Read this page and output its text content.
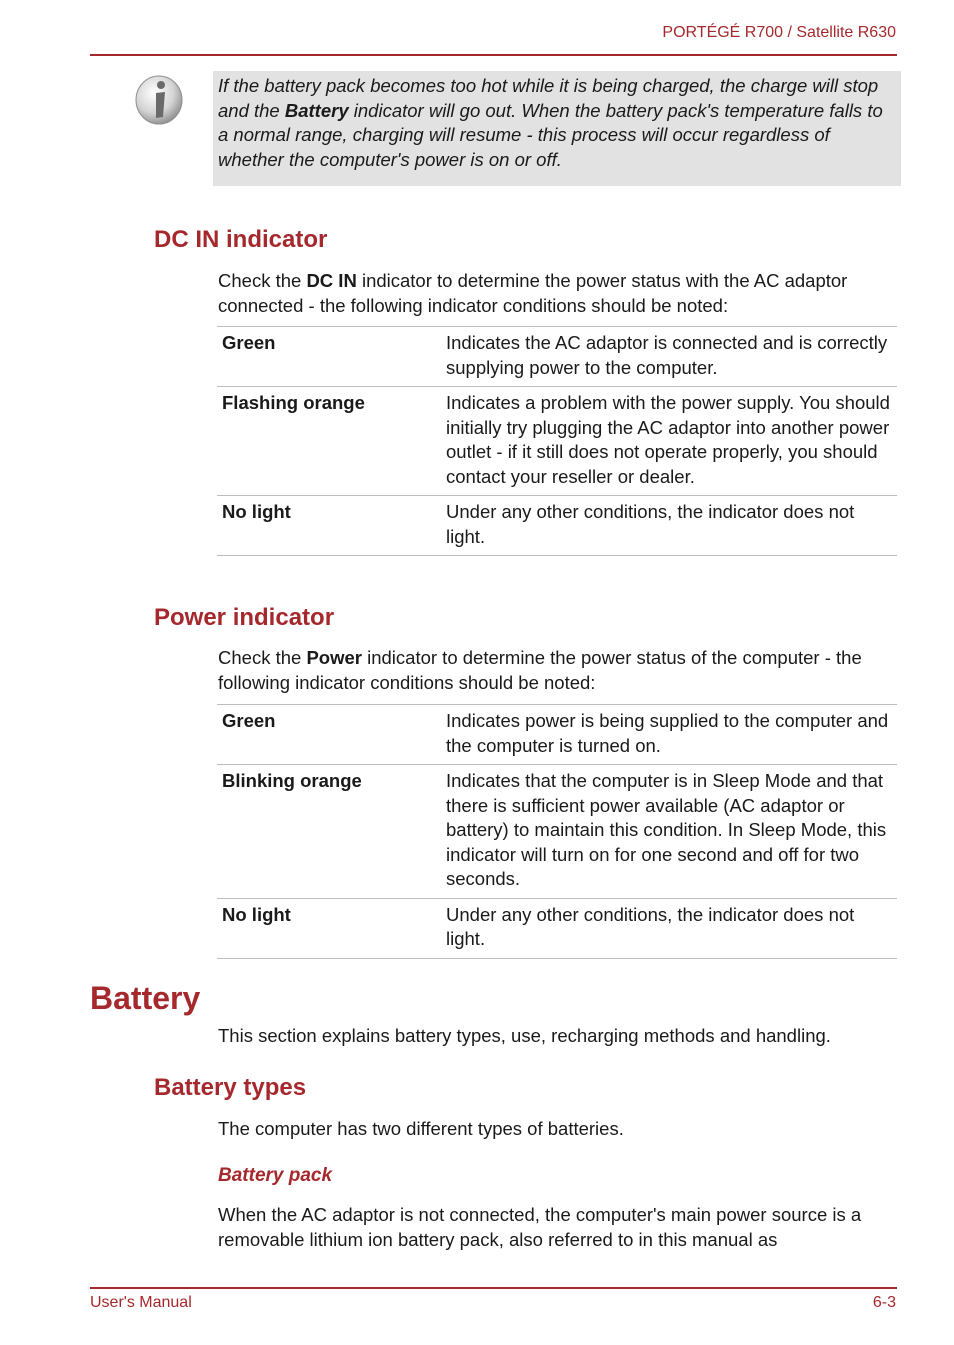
PORTÉGÉ R700 / Satellite R630
If the battery pack becomes too hot while it is being charged, the charge will stop and the Battery indicator will go out. When the battery pack's temperature falls to a normal range, charging will resume - this process will occur regardless of whether the computer's power is on or off.
DC IN indicator
Check the DC IN indicator to determine the power status with the AC adaptor connected - the following indicator conditions should be noted:
Green	Indicates the AC adaptor is connected and is correctly supplying power to the computer.
Flashing orange	Indicates a problem with the power supply. You should initially try plugging the AC adaptor into another power outlet - if it still does not operate properly, you should contact your reseller or dealer.
No light	Under any other conditions, the indicator does not light.
Power indicator
Check the Power indicator to determine the power status of the computer - the following indicator conditions should be noted:
Green	Indicates power is being supplied to the computer and the computer is turned on.
Blinking orange	Indicates that the computer is in Sleep Mode and that there is sufficient power available (AC adaptor or battery) to maintain this condition. In Sleep Mode, this indicator will turn on for one second and off for two seconds.
No light	Under any other conditions, the indicator does not light.
Battery
This section explains battery types, use, recharging methods and handling.
Battery types
The computer has two different types of batteries.
Battery pack
When the AC adaptor is not connected, the computer's main power source is a removable lithium ion battery pack, also referred to in this manual as
User's Manual	6-3
